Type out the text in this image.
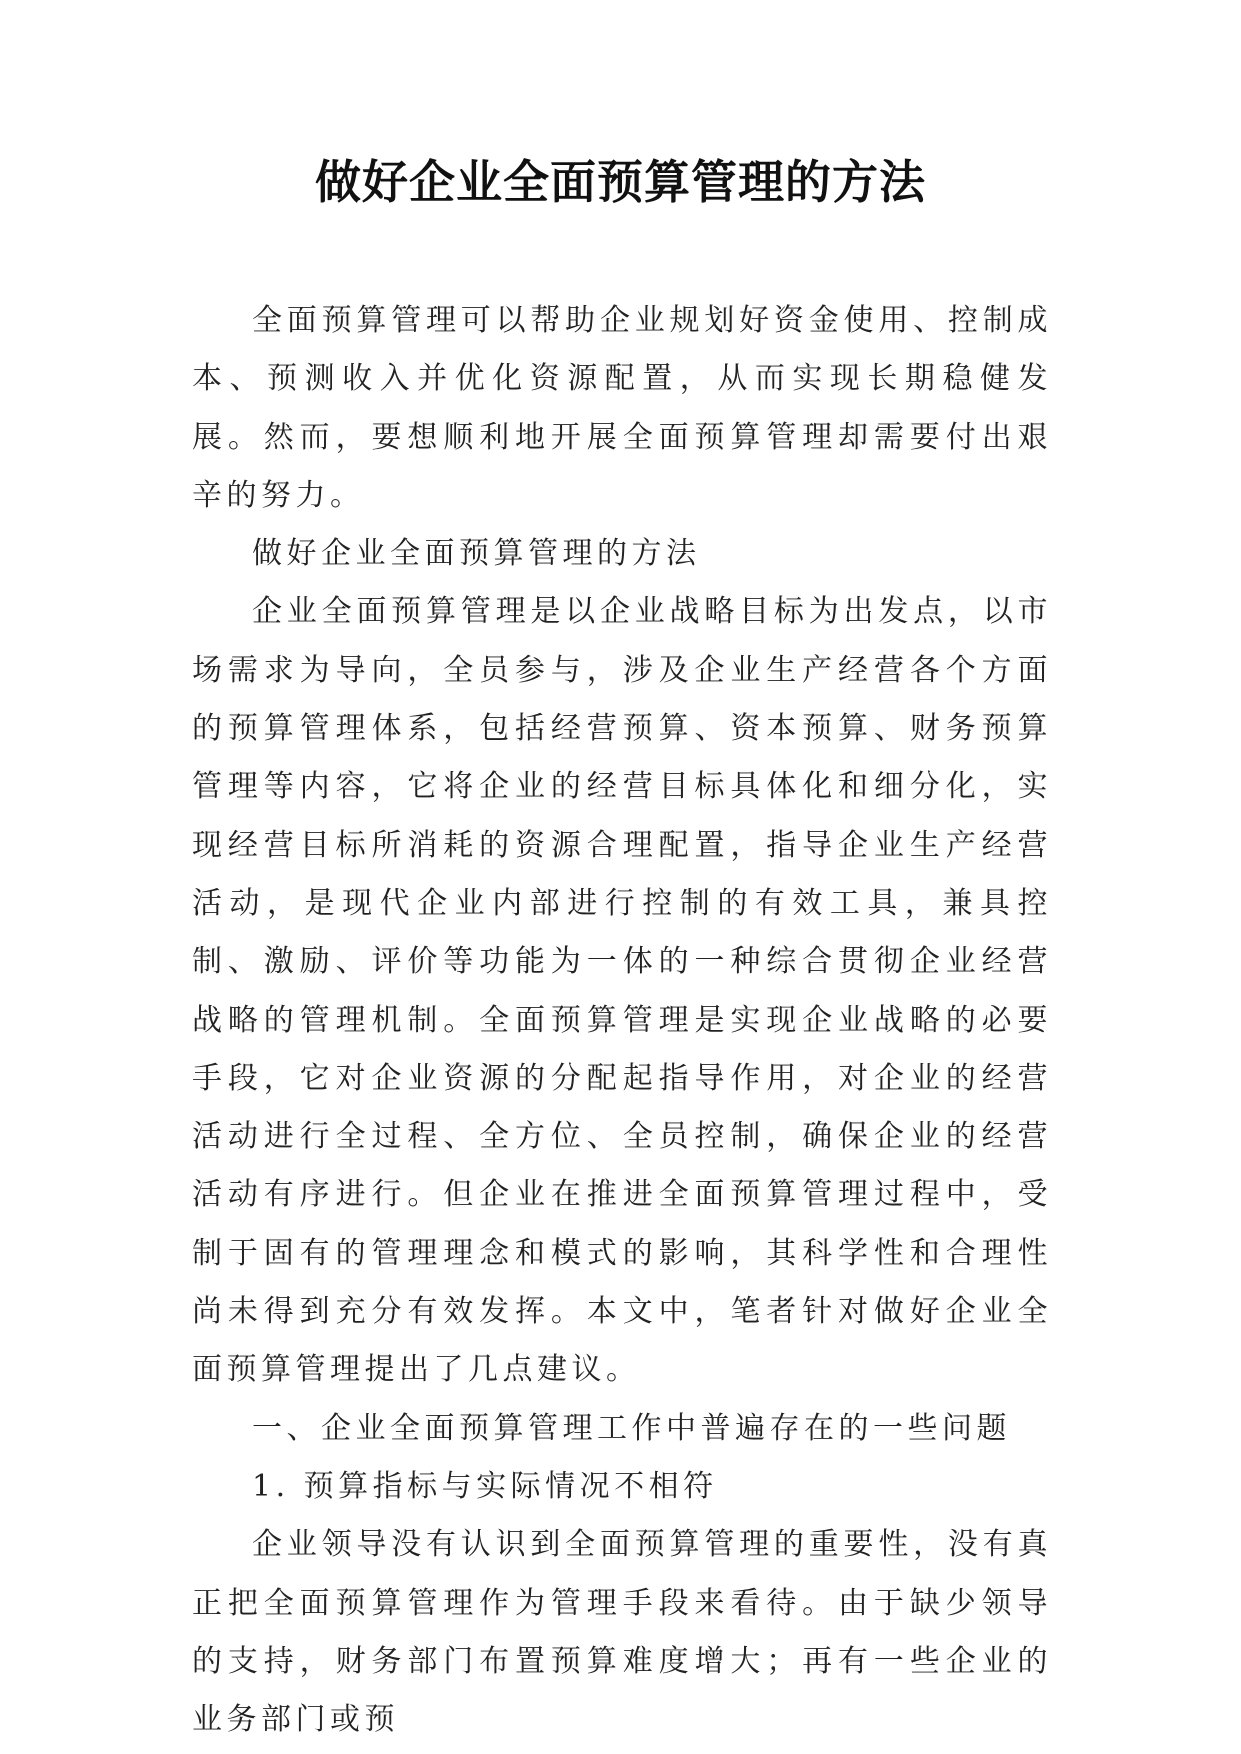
做好企业全面预算管理的方法

全面预算管理可以帮助企业规划好资金使用、控制成本、预测收入并优化资源配置，从而实现长期稳健发展。然而，要想顺利地开展全面预算管理却需要付出艰辛的努力。

做好企业全面预算管理的方法

企业全面预算管理是以企业战略目标为出发点，以市场需求为导向，全员参与，涉及企业生产经营各个方面的预算管理体系，包括经营预算、资本预算、财务预算管理等内容，它将企业的经营目标具体化和细分化，实现经营目标所消耗的资源合理配置，指导企业生产经营活动，是现代企业内部进行控制的有效工具，兼具控制、激励、评价等功能为一体的一种综合贯彻企业经营战略的管理机制。全面预算管理是实现企业战略的必要手段，它对企业资源的分配起指导作用，对企业的经营活动进行全过程、全方位、全员控制，确保企业的经营活动有序进行。但企业在推进全面预算管理过程中，受制于固有的管理理念和模式的影响，其科学性和合理性尚未得到充分有效发挥。本文中，笔者针对做好企业全面预算管理提出了几点建议。

一、企业全面预算管理工作中普遍存在的一些问题

1. 预算指标与实际情况不相符

企业领导没有认识到全面预算管理的重要性，没有真正把全面预算管理作为管理手段来看待。由于缺少领导的支持，财务部门布置预算难度增大；再有一些企业的业务部门或预
